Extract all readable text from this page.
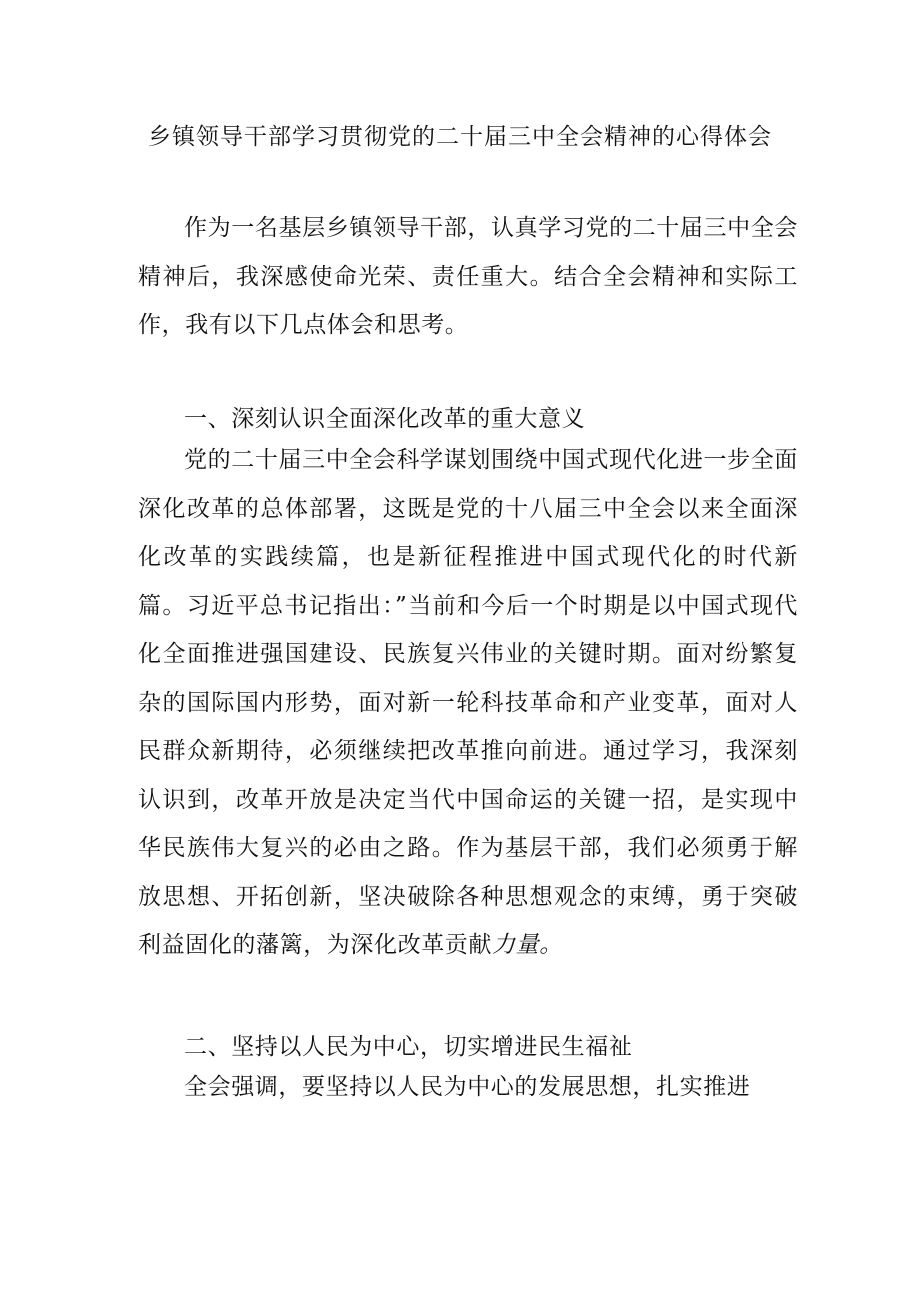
乡镇领导干部学习贯彻党的二十届三中全会精神的心得体会

作为一名基层乡镇领导干部，认真学习党的二十届三中全会精神后，我深感使命光荣、责任重大。结合全会精神和实际工作，我有以下几点体会和思考。

一、深刻认识全面深化改革的重大意义

党的二十届三中全会科学谋划围绕中国式现代化进一步全面深化改革的总体部署，这既是党的十八届三中全会以来全面深化改革的实践续篇，也是新征程推进中国式现代化的时代新篇。习近平总书记指出：”当前和今后一个时期是以中国式现代化全面推进强国建设、民族复兴伟业的关键时期。面对纷繁复杂的国际国内形势，面对新一轮科技革命和产业变革，面对人民群众新期待，必须继续把改革推向前进。通过学习，我深刻认识到，改革开放是决定当代中国命运的关键一招，是实现中华民族伟大复兴的必由之路。作为基层干部，我们必须勇于解放思想、开拓创新，坚决破除各种思想观念的束缚，勇于突破利益固化的藩篱，为深化改革贡献力量。

二、坚持以人民为中心，切实增进民生福祉

全会强调，要坚持以人民为中心的发展思想，扎实推进
